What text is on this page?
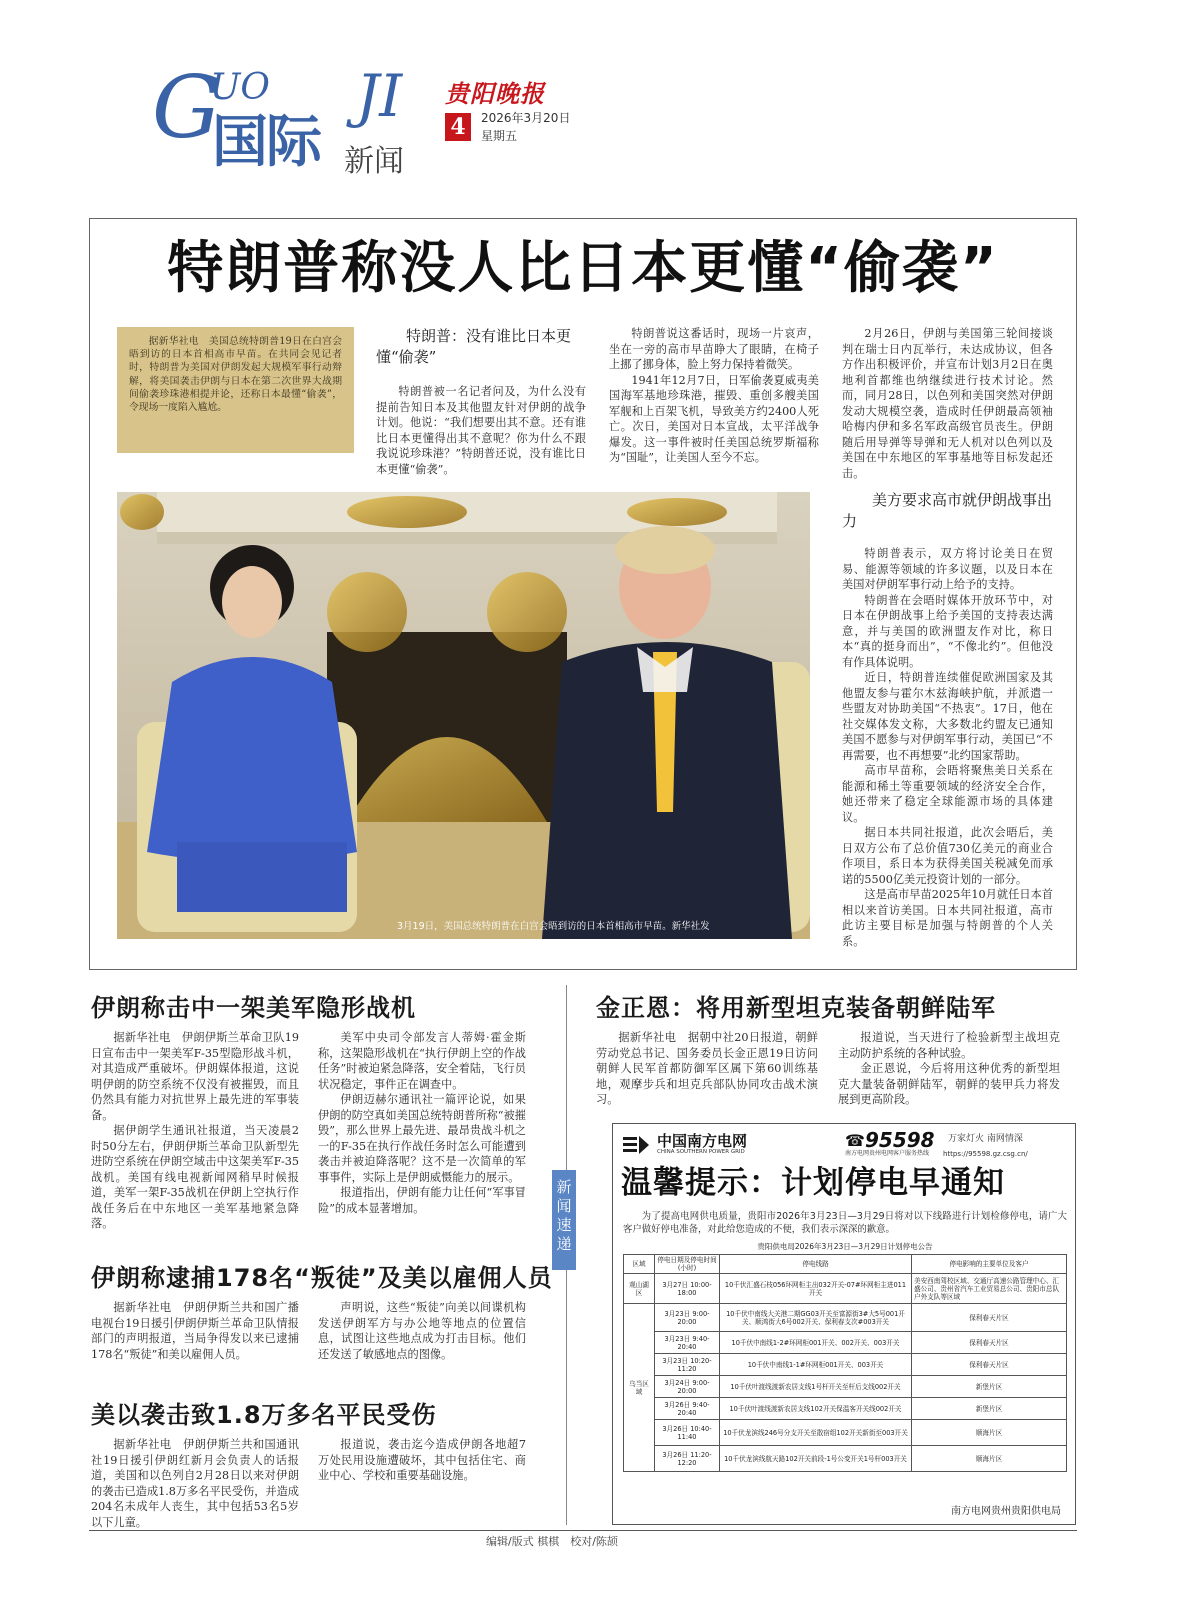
G
UO JI
国际 新闻
贵阳晚报
4	2026年3月20日
星期五
特朗普称没人比日本更懂“偷袭”

据新华社电　美国总统特朗普19日在白宫会晤到访的日本首相高市早苗。在共同会见记者时，特朗普为美国对伊朗发起大规模军事行动辩解，将美国袭击伊朗与日本在第二次世界大战期间偷袭珍珠港相提并论，还称日本最懂“偷袭”，令现场一度陷入尴尬。

特朗普：没有谁比日本更懂“偷袭”

特朗普被一名记者问及，为什么没有提前告知日本及其他盟友针对伊朗的战争计划。他说：“我们想要出其不意。还有谁比日本更懂得出其不意呢？你为什么不跟我说说珍珠港？”特朗普还说，没有谁比日本更懂“偷袭”。

特朗普说这番话时，现场一片哀声，坐在一旁的高市早苗睁大了眼睛，在椅子上挪了挪身体，脸上努力保持着微笑。

1941年12月7日，日军偷袭夏威夷美国海军基地珍珠港，摧毁、重创多艘美国军舰和上百架飞机，导致美方约2400人死亡。次日，美国对日本宣战，太平洋战争爆发。这一事件被时任美国总统罗斯福称为“国耻”，让美国人至今不忘。

2月26日，伊朗与美国第三轮间接谈判在瑞士日内瓦举行，未达成协议，但各方作出积极评价，并宣布计划3月2日在奥地利首都维也纳继续进行技术讨论。然而，同月28日，以色列和美国突然对伊朗发动大规模空袭，造成时任伊朗最高领袖哈梅内伊和多名军政高级官员丧生。伊朗随后用导弹等导弹和无人机对以色列以及美国在中东地区的军事基地等目标发起还击。

美方要求高市就伊朗战事出力

特朗普表示，双方将讨论美日在贸易、能源等领域的许多议题，以及日本在美国对伊朗军事行动上给予的支持。

特朗普在会晤时媒体开放环节中，对日本在伊朗战事上给予美国的支持表达满意，并与美国的欧洲盟友作对比，称日本“真的挺身而出”，“不像北约”。但他没有作具体说明。

近日，特朗普连续催促欧洲国家及其他盟友参与霍尔木兹海峡护航，并派遣一些盟友对协助美国“不热衷”。17日，他在社交媒体发文称，大多数北约盟友已通知美国不愿参与对伊朗军事行动，美国已“不再需要，也不再想要”北约国家帮助。

高市早苗称，会晤将聚焦美日关系在能源和稀土等重要领域的经济安全合作，她还带来了稳定全球能源市场的具体建议。

据日本共同社报道，此次会晤后，美日双方公布了总价值730亿美元的商业合作项目，系日本为获得美国关税减免而承诺的5500亿美元投资计划的一部分。

这是高市早苗2025年10月就任日本首相以来首访美国。日本共同社报道，高市此访主要目标是加强与特朗普的个人关系。

3月19日，美国总统特朗普在白宫会晤到访的日本首相高市早苗。新华社发
伊朗称击中一架美军隐形战机

据新华社电　伊朗伊斯兰革命卫队19日宣布击中一架美军F-35型隐形战斗机，对其造成严重破坏。伊朗媒体报道，这说明伊朗的防空系统不仅没有被摧毁，而且仍然具有能力对抗世界上最先进的军事装备。

据伊朗学生通讯社报道，当天凌晨2时50分左右，伊朗伊斯兰革命卫队新型先进防空系统在伊朗空域击中这架美军F-35战机。美国有线电视新闻网稍早时候报道，美军一架F-35战机在伊朗上空执行作战任务后在中东地区一美军基地紧急降落。

美军中央司令部发言人蒂姆·霍金斯称，这架隐形战机在“执行伊朗上空的作战任务”时被迫紧急降落，安全着陆，飞行员状况稳定，事件正在调查中。

伊朗迈赫尔通讯社一篇评论说，如果伊朗的防空真如美国总统特朗普所称“被摧毁”，那么世界上最先进、最昂贵战斗机之一的F-35在执行作战任务时怎么可能遭到袭击并被迫降落呢？这不是一次简单的军事事件，实际上是伊朗威慑能力的展示。

报道指出，伊朗有能力让任何“军事冒险”的成本显著增加。

新闻速递
伊朗称逮捕178名“叛徒”及美以雇佣人员

据新华社电　伊朗伊斯兰共和国广播电视台19日援引伊朗伊斯兰革命卫队情报部门的声明报道，当局争得发以来已逮捕178名“叛徒”和美以雇佣人员。

声明说，这些“叛徒”向美以间谍机构发送伊朗军方与办公地等地点的位置信息，试图让这些地点成为打击目标。他们还发送了敏感地点的图像。

美以袭击致1.8万多名平民受伤

据新华社电　伊朗伊斯兰共和国通讯社19日援引伊朗红新月会负责人的话报道，美国和以色列自2月28日以来对伊朗的袭击已造成1.8万多名平民受伤，并造成204名未成年人丧生，其中包括53名5岁以下儿童。

报道说，袭击迄今造成伊朗各地超7万处民用设施遭破坏，其中包括住宅、商业中心、学校和重要基础设施。

金正恩：将用新型坦克装备朝鲜陆军

据新华社电　据朝中社20日报道，朝鲜劳动党总书记、国务委员长金正恩19日访问朝鲜人民军首都防御军区属下第60训练基地，观摩步兵和坦克兵部队协同攻击战术演习。

报道说，当天进行了检验新型主战坦克主动防护系统的各种试验。

金正恩说，今后将用这种优秀的新型坦克大量装备朝鲜陆军，朝鲜的装甲兵力将发展到更高阶段。

中国南方电网
CHINA SOUTHERN POWER GRID
☎ 95598 万家灯火 南网情深
南方电网贵州电网客户服务热线 https://95598.gz.csg.cn/
温馨提示：计划停电早通知

为了提高电网供电质量，贵阳市2026年3月23日—3月29日将对以下线路进行计划检修停电，请广大客户做好停电准备，对此给您造成的不便，我们表示深深的歉意。

贵阳供电局2026年3月23日—3月29日计划停电公告
区域	停电日期及停电时间(小时)	停电线路	停电影响的主要单位及客户
观山湖区	3月27日 10:00-18:00	10千伏汇盛石枝056环网柜主出032开关-07#环网柜主进011开关	美安西南驾校区域、交通厅高速公路管理中心、汇盛公司、贵州省汽车工业贸易总公司、贵阳市总队户外支队等区域
乌当区域	3月23日 9:00-20:00	10千伏中南线大关港二期GG03开关至富源街3#大5号001开关、顺鸿街大6号002开关、保利春支次#003开关	保利春天片区
	3月23日 9:40-20:40	10千伏中南线1-2#环网柜001开关、002开关、003开关	保利春天片区
	3月23日 10:20-11:20	10千伏中南线1-1#环网柜001开关、003开关	保利春天片区
	3月24日 9:00-20:00	10千伏叶渡线渡新农居支线1号杆开关至杆后支线002开关	新堡片区
	3月26日 9:40-20:40	10千伏叶渡线渡新农居支线102开关保温客开关线002开关	新堡片区
	3月26日 10:40-11:40	10千伏龙滨线246号分支开关至散宿组102开关新街至003开关	顺海片区
	3月26日 11:20-12:20	10千伏龙滨线航天路102开关前段-1号公变开关1号杆003开关	顺海片区
南方电网贵州贵阳供电局
编辑/版式 棋棋　校对/陈颉
